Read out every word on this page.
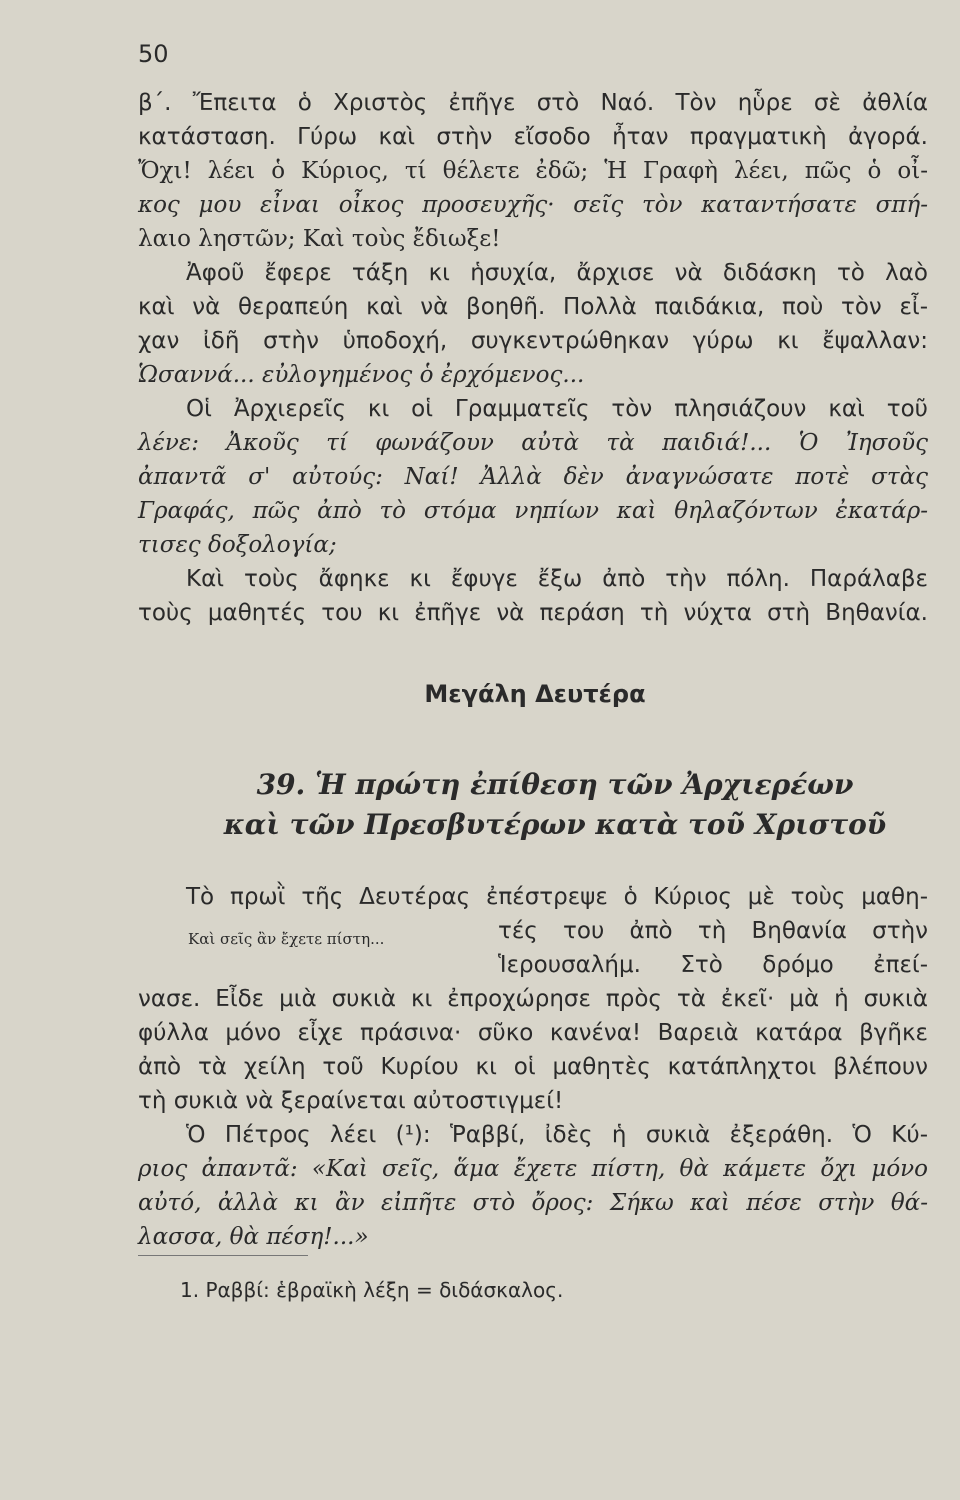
50
β΄. Ἔπειτα ὁ Χριστὸς ἐπῆγε στὸ Ναό. Τὸν ηὗρε σὲ ἀθλία
κατάσταση. Γύρω καὶ στὴν εἴσοδο ἦταν πραγματικὴ ἀγορά.
Ὄχι! λέει ὁ Κύριος, τί θέλετε ἐδῶ; Ἡ Γραφὴ λέει, πῶς ὁ οἶ-
κος μου εἶναι οἶκος προσευχῆς· σεῖς τὸν καταντήσατε σπή-
λαιο ληστῶν; Καὶ τοὺς ἔδιωξε!
Ἀφοῦ ἔφερε τάξη κι ἡσυχία, ἄρχισε νὰ διδάσκη τὸ λαὸ
καὶ νὰ θεραπεύη καὶ νὰ βοηθῆ. Πολλὰ παιδάκια, ποὺ τὸν εἶ-
χαν ἰδῆ στὴν ὑποδοχή, συγκεντρώθηκαν γύρω κι ἔψαλλαν:
Ὡσαννά... εὐλογημένος ὁ ἐρχόμενος...
Οἱ Ἀρχιερεῖς κι οἱ Γραμματεῖς τὸν πλησιάζουν καὶ τοῦ
λένε: Ἀκοῦς τί φωνάζουν αὐτὰ τὰ παιδιά!... Ὁ Ἰησοῦς
ἀπαντᾶ σ' αὐτούς: Ναί! Ἀλλὰ δὲν ἀναγνώσατε ποτὲ στὰς
Γραφάς, πῶς ἀπὸ τὸ στόμα νηπίων καὶ θηλαζόντων ἐκατάρ-
τισες δοξολογία;
Καὶ τοὺς ἄφηκε κι ἔφυγε ἔξω ἀπὸ τὴν πόλη. Παράλαβε
τοὺς μαθητές του κι ἐπῆγε νὰ περάση τὴ νύχτα στὴ Βηθανία.
Μεγάλη Δευτέρα
39. Ἡ πρώτη ἐπίθεση τῶν Ἀρχιερέων
καὶ τῶν Πρεσβυτέρων κατὰ τοῦ Χριστοῦ
Τὸ πρωῒ τῆς Δευτέρας ἐπέστρεψε ὁ Κύριος μὲ τοὺς μαθη-
τές του ἀπὸ τὴ Βηθανία στὴν
Ἱερουσαλήμ. Στὸ δρόμο ἐπεί-
Καὶ σεῖς ἂν ἔχετε πίστη...
νασε. Εἶδε μιὰ συκιὰ κι ἐπροχώρησε πρὸς τὰ ἐκεῖ· μὰ ἡ συκιὰ
φύλλα μόνο εἶχε πράσινα· σῦκο κανένα! Βαρειὰ κατάρα βγῆκε
ἀπὸ τὰ χείλη τοῦ Κυρίου κι οἱ μαθητὲς κατάπληχτοι βλέπουν
τὴ συκιὰ νὰ ξεραίνεται αὐτοστιγμεί!
Ὁ Πέτρος λέει (¹): Ῥαββί, ἰδὲς ἡ συκιὰ ἐξεράθη. Ὁ Κύ-
ριος ἀπαντᾶ: «Καὶ σεῖς, ἅμα ἔχετε πίστη, θὰ κάμετε ὄχι μόνο
αὐτό, ἀλλὰ κι ἂν εἰπῆτε στὸ ὄρος: Σήκω καὶ πέσε στὴν θά-
λασσα, θὰ πέση!...»
1. Ραββί: ἑβραϊκὴ λέξη = διδάσκαλος.
